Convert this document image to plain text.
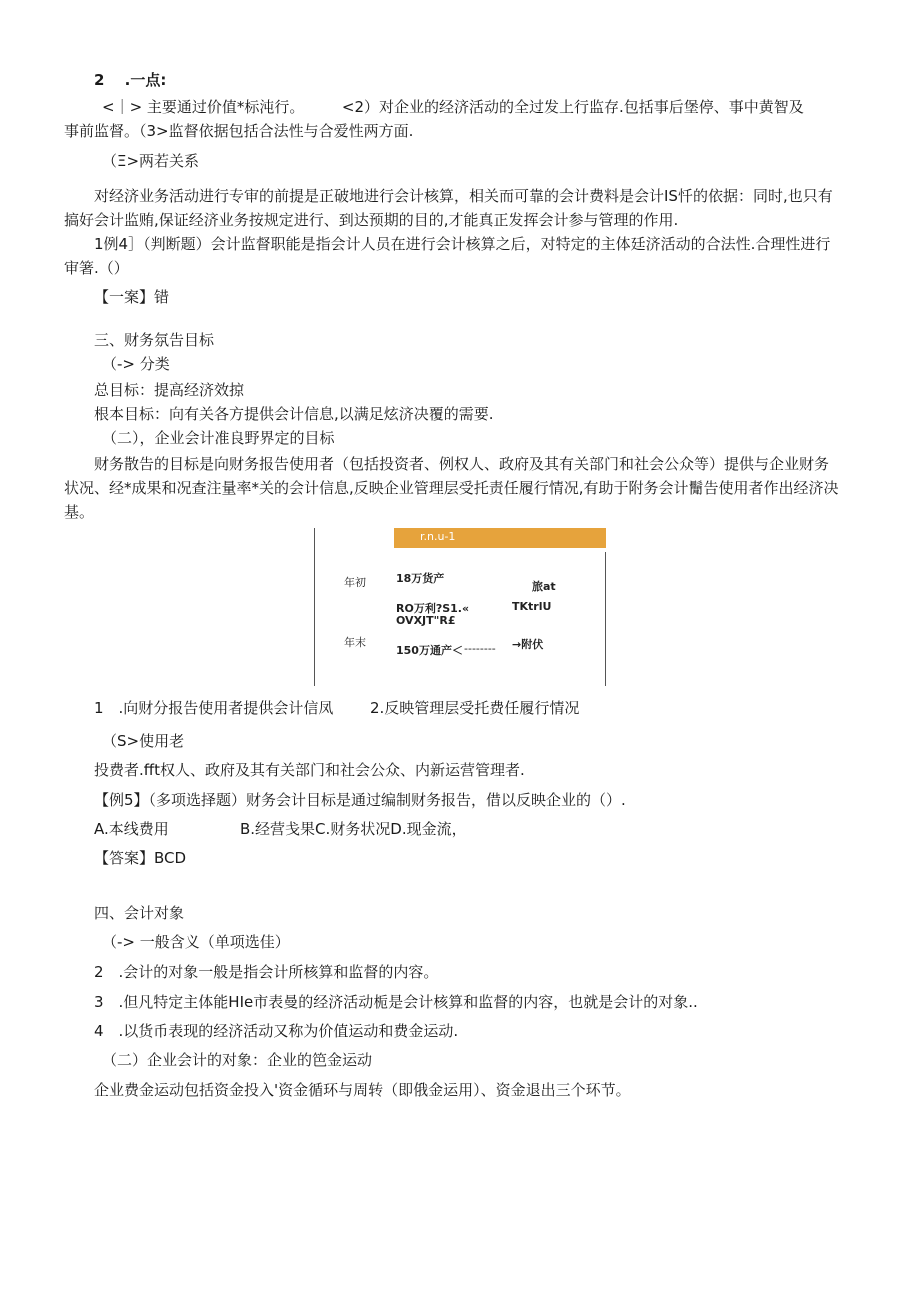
2　 .一点:
<｜> 主要通过价值*标沌行。　　　<2）对企业的经济活动的全过发上行监存.包括事后堡停、事中黄智及
事前监督。（3>监督依据包括合法性与合爱性两方面.
（Ξ>两若关系
对经济业务活动进行专审的前提是正破地进行会计核算，相关而可靠的会计费料是会计IS忏的依据：同时,也只有
搞好会计监贿,保证经济业务按规定进行、到达预期的目的,才能真正发挥会计参与管理的作用.
1例4］（判断题）会计监督职能是指会计人员在进行会计核算之后，对特定的主体廷济活动的合法性.合理性进行
审箸.（）
【一案】错
三、财务氛告目标
（-> 分类
总目标：提高经济效掠
根本目标：向有关各方提供会计信息,以满足炫济决覆的需要.
（二），企业会计准良野界定的目标
财务散告的目标是向财务报告使用者（包括投资者、例权人、政府及其有关部门和社会公众等）提供与企业财务
状况、经*成果和况查注量率*关的会计信息,反映企业管理层受托责任履行情况,有助于附务会计鬜告使用者作出经济决
基。
r.n.u-1
年初	18万货产
旅at
RO万利?S1.«	TKtrlU
OVXJT"R£
年末
150万通产＜ -------- →附伏
1　.向财分报告使用者提供会计信凤 2.反映管理层受托费任履行情况
（S>使用老
投费者.fft权人、政府及其有关部门和社会公众、内新运营管理者.
【例5】（多项选择题）财务会计目标是通过编制财务报告，借以反映企业的（）.
A.本线费用	B.经营戋果C.财务状况D.现金流，
【答案】BCD
四、会计对象
（-> 一般含义（单项选佳）
2　.会计的对象一般是指会计所核算和监督的内容。
3　.但凡特定主体能HIe市表曼的经济活动栀是会计核算和监督的内容，也就是会计的对象..
4　.以货币表现的经济活动又称为价值运动和费金运动.
（二）企业会计的对象：企业的笆金运动
企业费金运动包括资金投入'资金循环与周转（即俄金运用）、资金退出三个环节。
